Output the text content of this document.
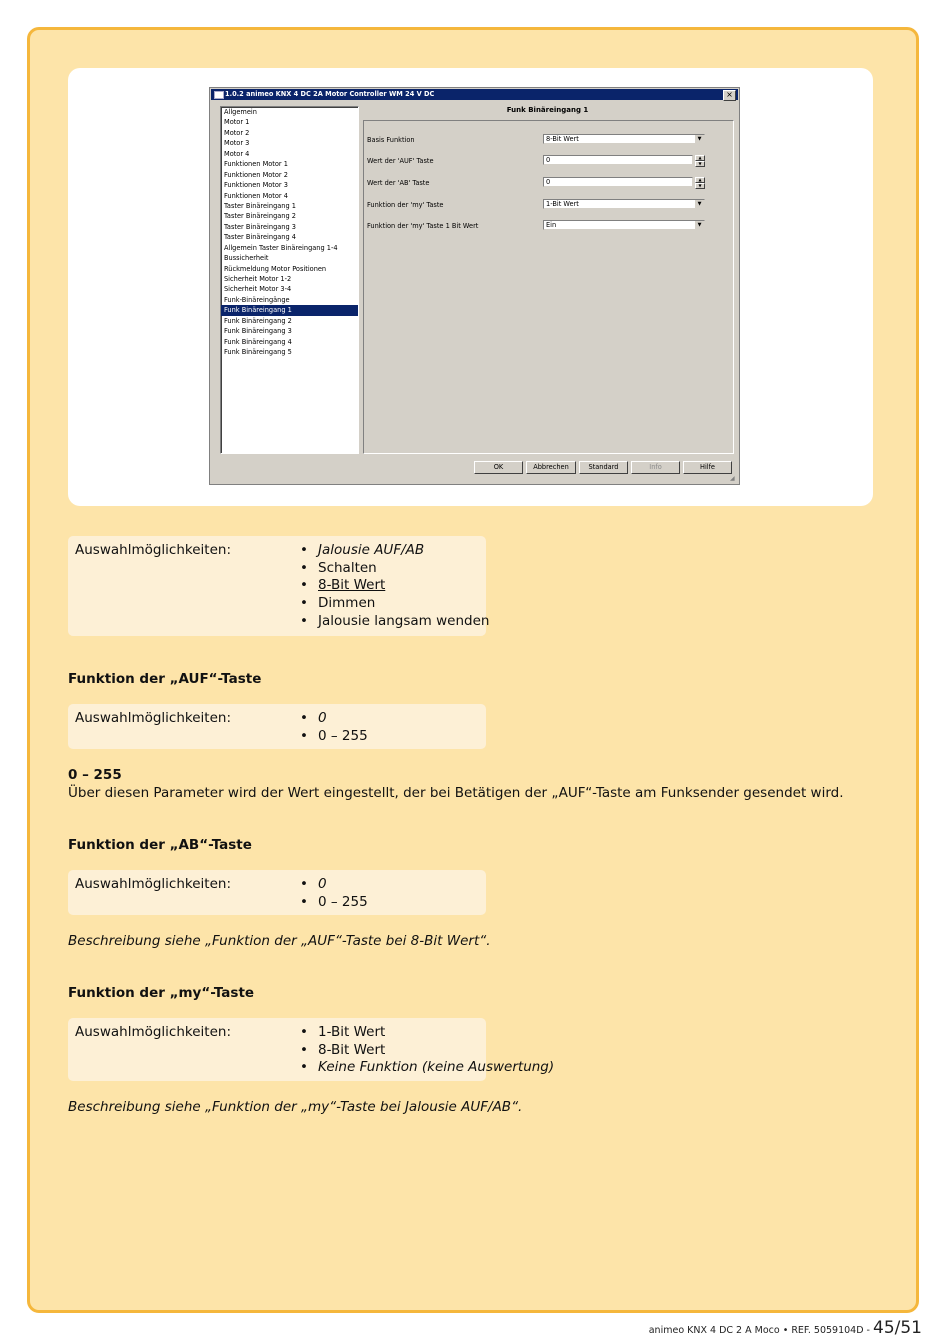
1.0.2 animeo KNX 4 DC 2A Motor Controller WM 24 V DC	×
Allgemein
Motor 1
Motor 2
Motor 3
Motor 4
Funktionen Motor 1
Funktionen Motor 2
Funktionen Motor 3
Funktionen Motor 4
Taster Binäreingang 1
Taster Binäreingang 2
Taster Binäreingang 3
Taster Binäreingang 4
Allgemein Taster Binäreingang 1-4
Bussicherheit
Rückmeldung Motor Positionen
Sicherheit Motor 1-2
Sicherheit Motor 3-4
Funk-Binäreingänge
Funk Binäreingang 1
Funk Binäreingang 2
Funk Binäreingang 3
Funk Binäreingang 4
Funk Binäreingang 5
Funk Binäreingang 1
Basis Funktion	8-Bit Wert	▼
Wert der 'AUF' Taste	0	▲
▼
Wert der 'AB' Taste	0	▲
▼
Funktion der 'my' Taste	1-Bit Wert	▼
Funktion der 'my' Taste 1 Bit Wert	Ein	▼
OK	Abbrechen	Standard	Info	Hilfe
◢
Auswahlmöglichkeiten:	• Jalousie AUF/AB
• Schalten
• 8-Bit Wert
• Dimmen
• Jalousie langsam wenden
Funktion der „AUF“-Taste
Auswahlmöglichkeiten:	• 0
• 0 – 255
0 – 255
Über diesen Parameter wird der Wert eingestellt, der bei Betätigen der „AUF“-Taste am Funksender gesendet wird.
Funktion der „AB“-Taste
Auswahlmöglichkeiten:	• 0
• 0 – 255
Beschreibung siehe „Funktion der „AUF“-Taste bei 8-Bit Wert“.
Funktion der „my“-Taste
Auswahlmöglichkeiten:	• 1-Bit Wert
• 8-Bit Wert
• Keine Funktion (keine Auswertung)
Beschreibung siehe „Funktion der „my“-Taste bei Jalousie AUF/AB“.
animeo KNX 4 DC 2 A Moco • REF. 5059104D - 45/51
